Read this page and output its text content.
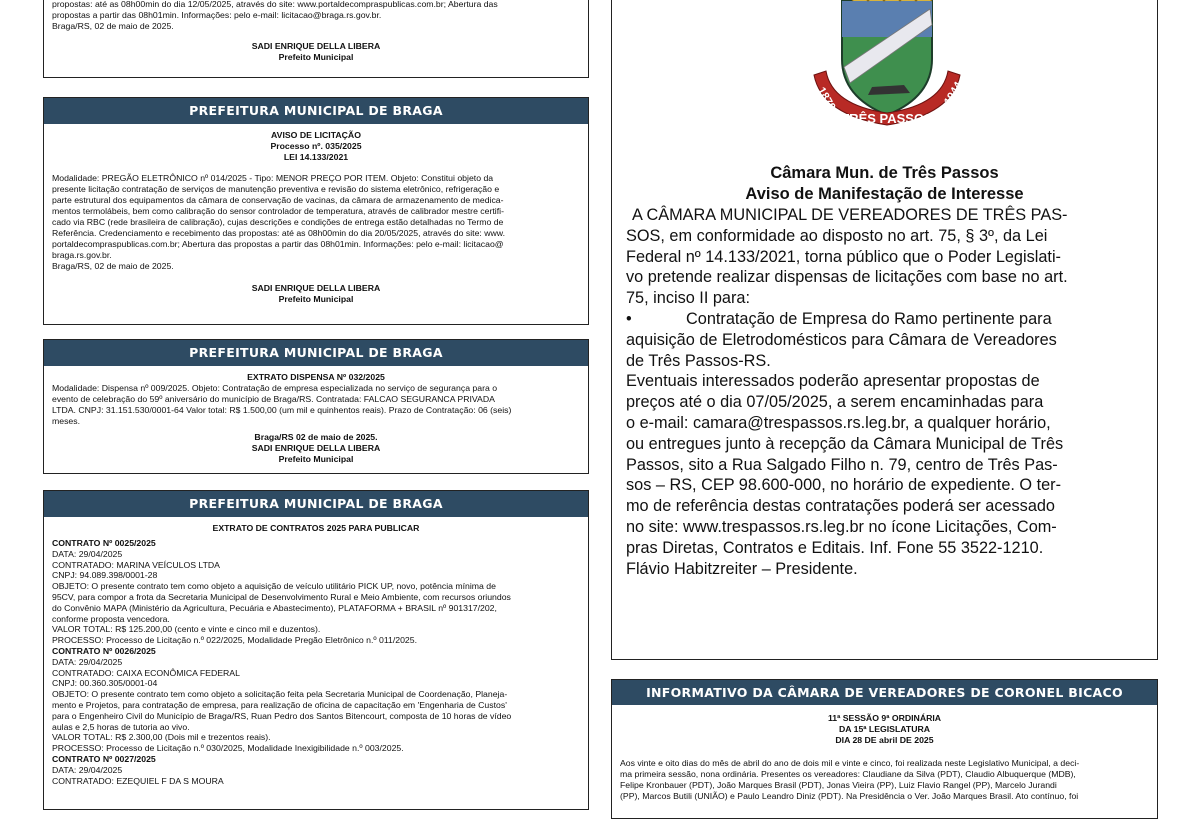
propostas: até as 08h00min do dia 12/05/2025, através do site: www.portaldecompraspublicas.com.br; Abertura das

propostas a partir das 08h01min. Informações: pelo e-mail: licitacao@braga.rs.gov.br.

Braga/RS, 02 de maio de 2025.

SADI ENRIQUE DELLA LIBERA

Prefeito Municipal

PREFEITURA MUNICIPAL DE BRAGA

AVISO DE LICITAÇÃO

Processo nº. 035/2025

LEI 14.133/2021

Modalidade: PREGÃO ELETRÔNICO nº 014/2025 - Tipo: MENOR PREÇO POR ITEM. Objeto: Constitui objeto da

presente licitação contratação de serviços de manutenção preventiva e revisão do sistema eletrônico, refrigeração e

parte estrutural dos equipamentos da câmara de conservação de vacinas, da câmara de armazenamento de medica-

mentos termolábeis, bem como calibração do sensor controlador de temperatura, através de calibrador mestre certifi-

cado via RBC (rede brasileira de calibração), cujas descrições e condições de entrega estão detalhadas no Termo de

Referência. Credenciamento e recebimento das propostas: até as 08h00min do dia 20/05/2025, através do site: www.

portaldecompraspublicas.com.br; Abertura das propostas a partir das 08h01min. Informações: pelo e-mail: licitacao@

braga.rs.gov.br.

Braga/RS, 02 de maio de 2025.

SADI ENRIQUE DELLA LIBERA

Prefeito Municipal

PREFEITURA MUNICIPAL DE BRAGA

EXTRATO DISPENSA Nº 032/2025

Modalidade: Dispensa nº 009/2025. Objeto: Contratação de empresa especializada no serviço de segurança para o

evento de celebração do 59º aniversário do município de Braga/RS. Contratada: FALCAO SEGURANCA PRIVADA

LTDA. CNPJ: 31.151.530/0001-64 Valor total: R$ 1.500,00 (um mil e quinhentos reais). Prazo de Contratação: 06 (seis)

meses.

Braga/RS 02 de maio de 2025.

SADI ENRIQUE DELLA LIBERA

Prefeito Municipal

PREFEITURA MUNICIPAL DE BRAGA

EXTRATO DE CONTRATOS 2025 PARA PUBLICAR

CONTRATO Nº 0025/2025

DATA: 29/04/2025

CONTRATADO: MARINA VEÍCULOS LTDA

CNPJ: 94.089.398/0001-28

OBJETO: O presente contrato tem como objeto a aquisição de veículo utilitário PICK UP, novo, potência mínima de

95CV, para compor a frota da Secretaria Municipal de Desenvolvimento Rural e Meio Ambiente, com recursos oriundos

do Convênio MAPA (Ministério da Agricultura, Pecuária e Abastecimento), PLATAFORMA + BRASIL nº 901317/202,

conforme proposta vencedora.

VALOR TOTAL: R$ 125.200,00 (cento e vinte e cinco mil e duzentos).

PROCESSO: Processo de Licitação n.º 022/2025, Modalidade Pregão Eletrônico n.º 011/2025.

CONTRATO Nº 0026/2025

DATA: 29/04/2025

CONTRATADO: CAIXA ECONÔMICA FEDERAL

CNPJ: 00.360.305/0001-04

OBJETO: O presente contrato tem como objeto a solicitação feita pela Secretaria Municipal de Coordenação, Planeja-

mento e Projetos, para contratação de empresa, para realização de oficina de capacitação em 'Engenharia de Custos'

para o Engenheiro Civil do Município de Braga/RS, Ruan Pedro dos Santos Bitencourt, composta de 10 horas de vídeo

aulas e 2,5 horas de tutoria ao vivo.

VALOR TOTAL: R$ 2.300,00 (Dois mil e trezentos reais).

PROCESSO: Processo de Licitação n.º 030/2025, Modalidade Inexigibilidade n.º 003/2025.

CONTRATO Nº 0027/2025

DATA: 29/04/2025

CONTRATADO: EZEQUIEL F DA S MOURA

1879	1944
TRÊS PASSOS

Câmara Mun. de Três Passos

Aviso de Manifestação de Interesse

A CÂMARA MUNICIPAL DE VEREADORES DE TRÊS PAS-

SOS, em conformidade ao disposto no art. 75, § 3º, da Lei

Federal nº 14.133/2021, torna público que o Poder Legislati-

vo pretende realizar dispensas de licitações com base no art.

75, inciso II para:

•	Contratação de Empresa do Ramo pertinente para

aquisição de Eletrodomésticos para Câmara de Vereadores

de Três Passos-RS.

Eventuais interessados poderão apresentar propostas de

preços até o dia 07/05/2025, a serem encaminhadas para

o e-mail: camara@trespassos.rs.leg.br, a qualquer horário,

ou entregues junto à recepção da Câmara Municipal de Três

Passos, sito a Rua Salgado Filho n. 79, centro de Três Pas-

sos – RS, CEP 98.600-000, no horário de expediente. O ter-

mo de referência destas contratações poderá ser acessado

no site: www.trespassos.rs.leg.br no ícone Licitações, Com-

pras Diretas, Contratos e Editais. Inf. Fone 55 3522-1210.

Flávio Habitzreiter – Presidente.

INFORMATIVO DA CÂMARA DE VEREADORES DE CORONEL BICACO

11ª SESSÃO 9ª ORDINÁRIA

DA 15ª LEGISLATURA

DIA 28 DE abril DE 2025

Aos vinte e oito dias do mês de abril do ano de dois mil e vinte e cinco, foi realizada neste Legislativo Municipal, a deci-

ma primeira sessão, nona ordinária. Presentes os vereadores: Claudiane da Silva (PDT), Claudio Albuquerque (MDB),

Felipe Kronbauer (PDT), João Marques Brasil (PDT), Jonas Vieira (PP), Luiz Flavio Rangel (PP), Marcelo Jurandi

(PP), Marcos Butili (UNIÃO) e Paulo Leandro Diniz (PDT). Na Presidência o Ver. João Marques Brasil. Ato contínuo, foi
